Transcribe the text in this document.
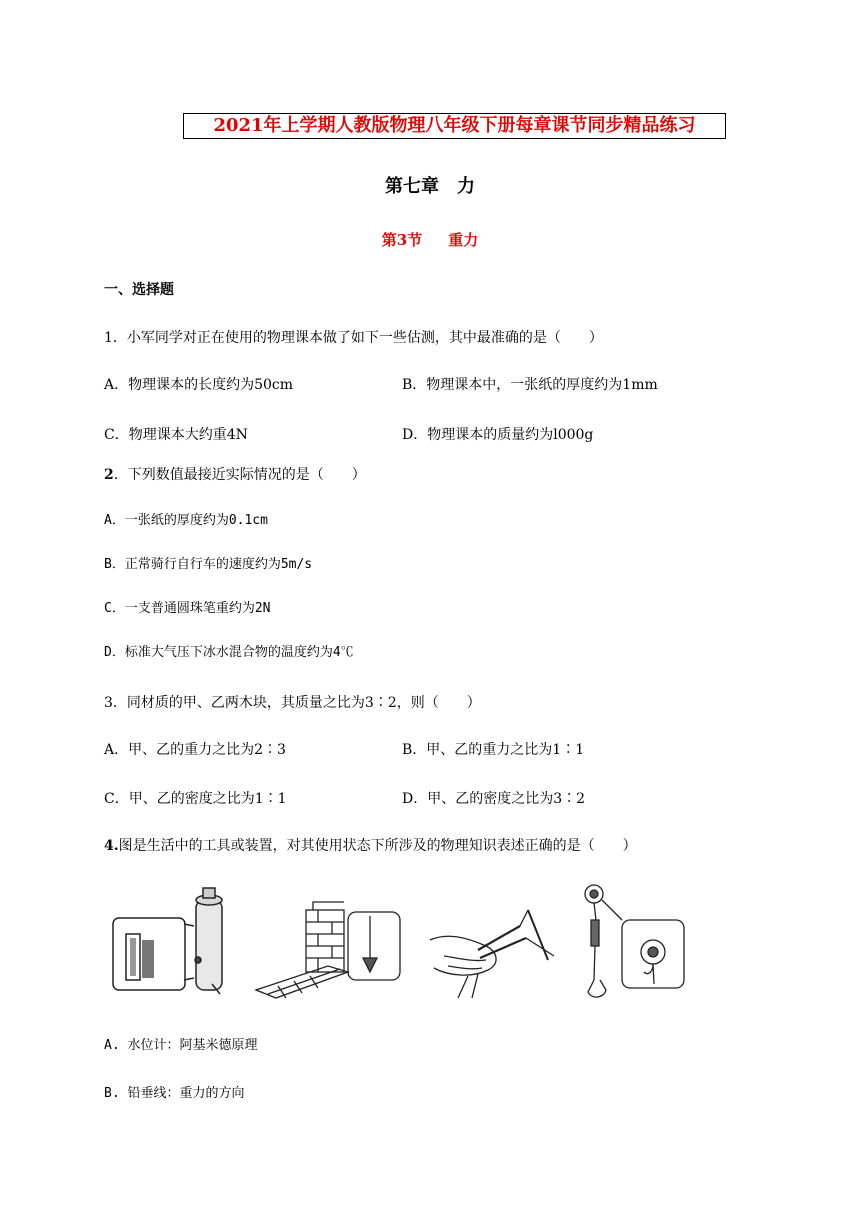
2021年上学期人教版物理八年级下册每章课节同步精品练习
第七章　力
第3节 重力
一、选择题
1．小军同学对正在使用的物理课本做了如下一些估测，其中最准确的是（　　）
A．物理课本的长度约为50cm	B．物理课本中，一张纸的厚度约为1mm
C．物理课本大约重4N	D．物理课本的质量约为l000g
2．下列数值最接近实际情况的是（　　）
A．一张纸的厚度约为0.1cm
B．正常骑行自行车的速度约为5m/s
C．一支普通圆珠笔重约为2N
D．标准大气压下冰水混合物的温度约为4℃
3．同材质的甲、乙两木块，其质量之比为3∶2，则（　　）
A．甲、乙的重力之比为2∶3	B．甲、乙的重力之比为1∶1
C．甲、乙的密度之比为1∶1	D．甲、乙的密度之比为3∶2
4.图是生活中的工具或装置，对其使用状态下所涉及的物理知识表述正确的是（　　）
A. 水位计：阿基米德原理
B. 铅垂线：重力的方向
